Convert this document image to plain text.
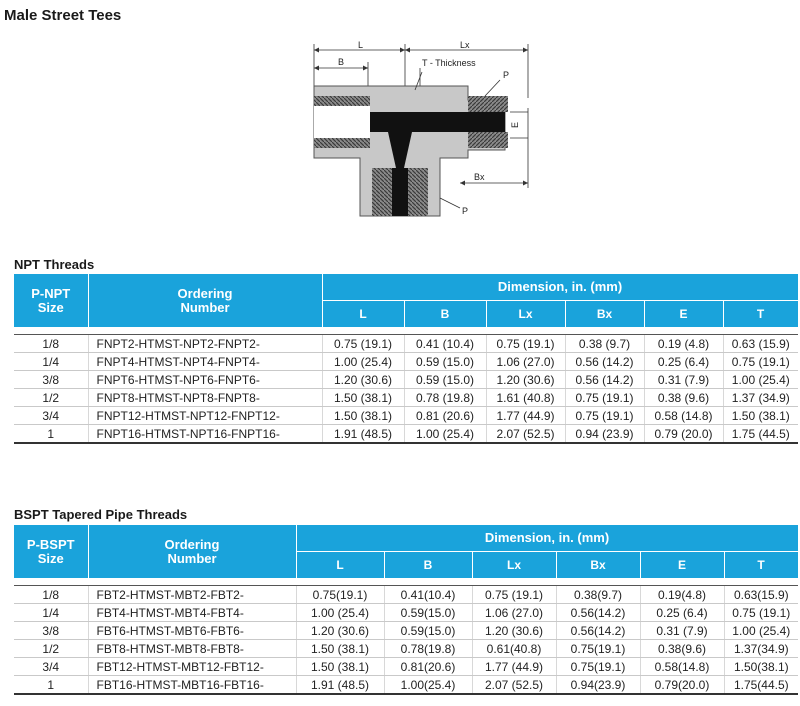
Male Street Tees
L	Lx
B	T - Thickness
P
E
Bx
P
NPT Threads
P-NPT
Size	Ordering
Number	Dimension, in. (mm)					
		L	B	Lx	Bx	E	T

1/8	FNPT2-HTMST-NPT2-FNPT2-	0.75 (19.1)	0.41 (10.4)	0.75 (19.1)	0.38 (9.7)	0.19 (4.8)	0.63 (15.9)
1/4	FNPT4-HTMST-NPT4-FNPT4-	1.00 (25.4)	0.59 (15.0)	1.06 (27.0)	0.56 (14.2)	0.25 (6.4)	0.75 (19.1)
3/8	FNPT6-HTMST-NPT6-FNPT6-	1.20 (30.6)	0.59 (15.0)	1.20 (30.6)	0.56 (14.2)	0.31 (7.9)	1.00 (25.4)
1/2	FNPT8-HTMST-NPT8-FNPT8-	1.50 (38.1)	0.78 (19.8)	1.61 (40.8)	0.75 (19.1)	0.38 (9.6)	1.37 (34.9)
3/4	FNPT12-HTMST-NPT12-FNPT12-	1.50 (38.1)	0.81 (20.6)	1.77 (44.9)	0.75 (19.1)	0.58 (14.8)	1.50 (38.1)
1	FNPT16-HTMST-NPT16-FNPT16-	1.91 (48.5)	1.00 (25.4)	2.07 (52.5)	0.94 (23.9)	0.79 (20.0)	1.75 (44.5)
BSPT Tapered Pipe Threads
P-BSPT
Size	Ordering
Number	Dimension, in. (mm)					
		L	B	Lx	Bx	E	T

1/8	FBT2-HTMST-MBT2-FBT2-	0.75(19.1)	0.41(10.4)	0.75 (19.1)	0.38(9.7)	0.19(4.8)	0.63(15.9)
1/4	FBT4-HTMST-MBT4-FBT4-	1.00 (25.4)	0.59(15.0)	1.06 (27.0)	0.56(14.2)	0.25 (6.4)	0.75 (19.1)
3/8	FBT6-HTMST-MBT6-FBT6-	1.20 (30.6)	0.59(15.0)	1.20 (30.6)	0.56(14.2)	0.31 (7.9)	1.00 (25.4)
1/2	FBT8-HTMST-MBT8-FBT8-	1.50 (38.1)	0.78(19.8)	0.61(40.8)	0.75(19.1)	0.38(9.6)	1.37(34.9)
3/4	FBT12-HTMST-MBT12-FBT12-	1.50 (38.1)	0.81(20.6)	1.77 (44.9)	0.75(19.1)	0.58(14.8)	1.50(38.1)
1	FBT16-HTMST-MBT16-FBT16-	1.91 (48.5)	1.00(25.4)	2.07 (52.5)	0.94(23.9)	0.79(20.0)	1.75(44.5)
